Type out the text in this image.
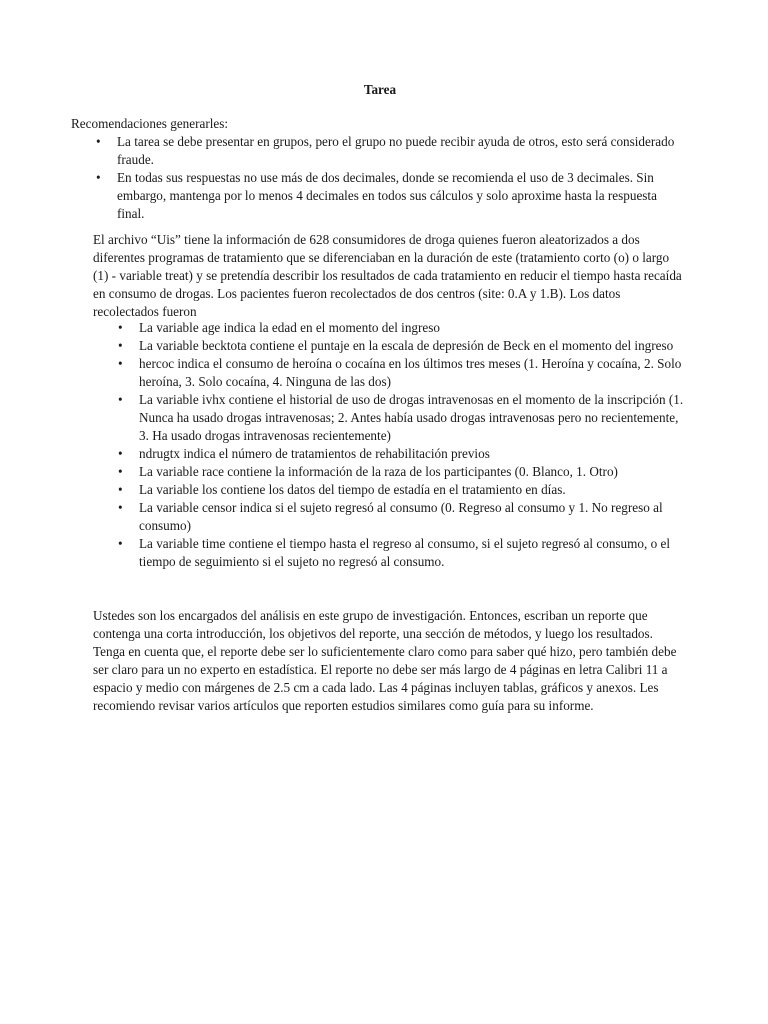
Tarea
Recomendaciones generarles:
• La tarea se debe presentar en grupos, pero el grupo no puede recibir ayuda de otros, esto será considerado fraude.
• En todas sus respuestas no use más de dos decimales, donde se recomienda el uso de 3 decimales. Sin embargo, mantenga por lo menos 4 decimales en todos sus cálculos y solo aproxime hasta la respuesta final.

El archivo “Uis” tiene la información de 628 consumidores de droga quienes fueron aleatorizados a dos diferentes programas de tratamiento que se diferenciaban en la duración de este (tratamiento corto (o) o largo (1) - variable treat) y se pretendía describir los resultados de cada tratamiento en reducir el tiempo hasta recaída en consumo de drogas. Los pacientes fueron recolectados de dos centros (site: 0.A y 1.B). Los datos recolectados fueron

• La variable age indica la edad en el momento del ingreso
• La variable becktota contiene el puntaje en la escala de depresión de Beck en el momento del ingreso
• hercoc indica el consumo de heroína o cocaína en los últimos tres meses (1. Heroína y cocaína, 2. Solo heroína, 3. Solo cocaína, 4. Ninguna de las dos)
• La variable ivhx contiene el historial de uso de drogas intravenosas en el momento de la inscripción (1. Nunca ha usado drogas intravenosas; 2. Antes había usado drogas intravenosas pero no recientemente, 3. Ha usado drogas intravenosas recientemente)
• ndrugtx indica el número de tratamientos de rehabilitación previos
• La variable race contiene la información de la raza de los participantes (0. Blanco, 1. Otro)
• La variable los contiene los datos del tiempo de estadía en el tratamiento en días.
• La variable censor indica si el sujeto regresó al consumo (0. Regreso al consumo y 1. No regreso al consumo)
• La variable time contiene el tiempo hasta el regreso al consumo, si el sujeto regresó al consumo, o el tiempo de seguimiento si el sujeto no regresó al consumo.

Ustedes son los encargados del análisis en este grupo de investigación. Entonces, escriban un reporte que contenga una corta introducción, los objetivos del reporte, una sección de métodos, y luego los resultados. Tenga en cuenta que, el reporte debe ser lo suficientemente claro como para saber qué hizo, pero también debe ser claro para un no experto en estadística. El reporte no debe ser más largo de 4 páginas en letra Calibri 11 a espacio y medio con márgenes de 2.5 cm a cada lado. Las 4 páginas incluyen tablas, gráficos y anexos. Les recomiendo revisar varios artículos que reporten estudios similares como guía para su informe.
